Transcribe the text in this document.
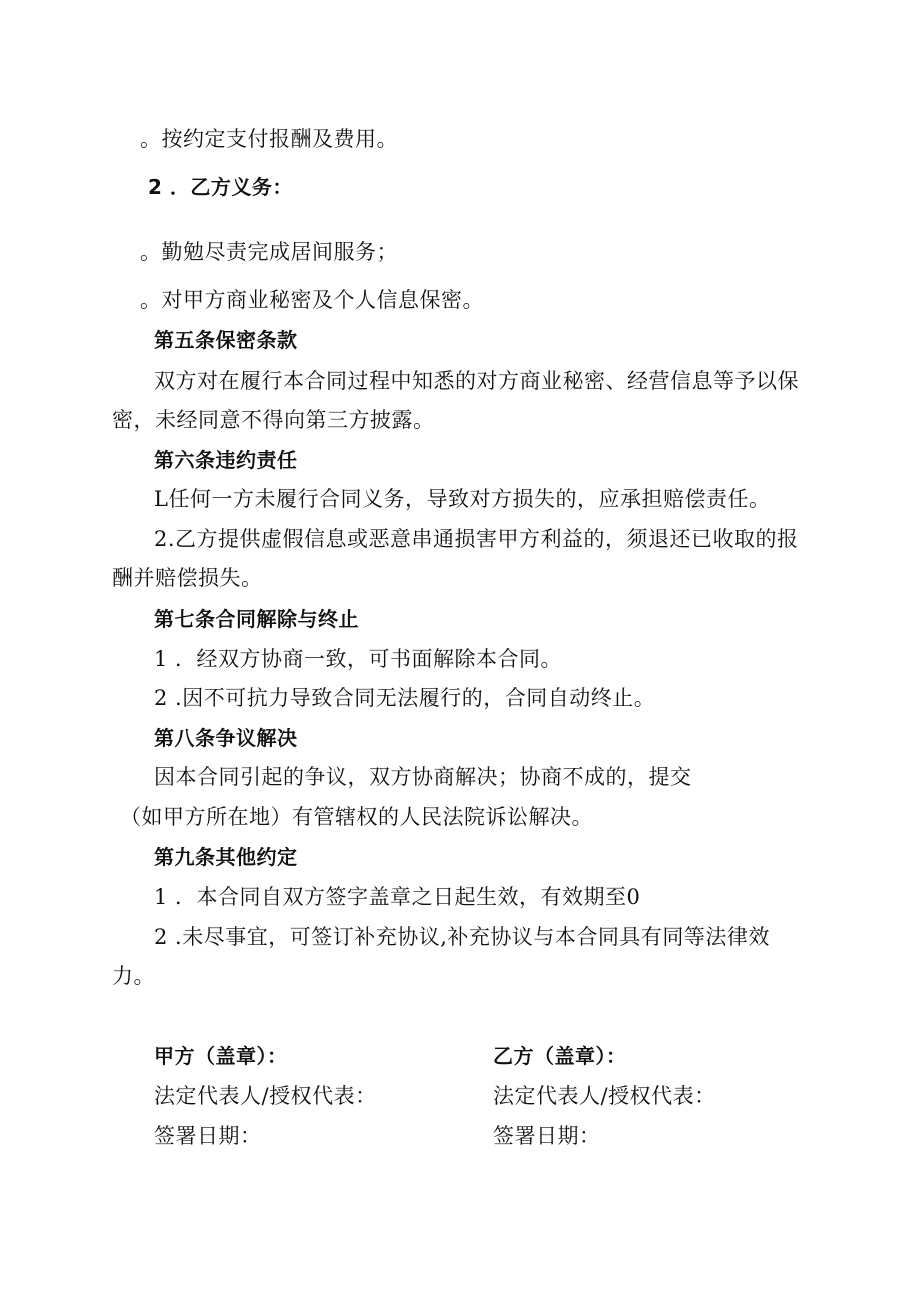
。按约定支付报酬及费用。
2 ．乙方义务：
。勤勉尽责完成居间服务；
。对甲方商业秘密及个人信息保密。
第五条保密条款
双方对在履行本合同过程中知悉的对方商业秘密、经营信息等予以保
密，未经同意不得向第三方披露。
第六条违约责任
L任何一方未履行合同义务，导致对方损失的，应承担赔偿责任。
2.乙方提供虚假信息或恶意串通损害甲方利益的，须退还已收取的报
酬并赔偿损失。
第七条合同解除与终止
1 ．经双方协商一致，可书面解除本合同。
2 .因不可抗力导致合同无法履行的，合同自动终止。
第八条争议解决
因本合同引起的争议，双方协商解决；协商不成的，提交
（如甲方所在地）有管辖权的人民法院诉讼解决。
第九条其他约定
1 ．本合同自双方签字盖章之日起生效，有效期至0
2 .未尽事宜，可签订补充协议,补充协议与本合同具有同等法律效
力。
甲方（盖章）：	乙方（盖章）：
法定代表人/授权代表：	法定代表人/授权代表：
签署日期：	签署日期：
